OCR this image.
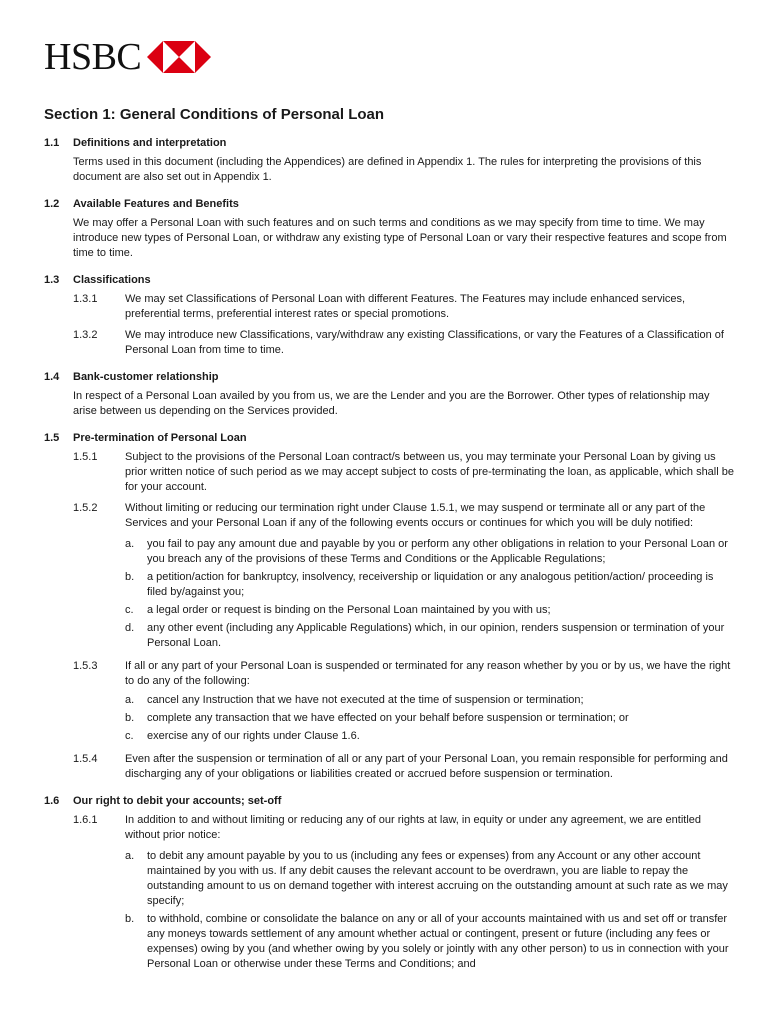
HSBC
Section 1: General Conditions of Personal Loan
1.1	Definitions and interpretation

Terms used in this document (including the Appendices) are defined in Appendix 1. The rules for interpreting the provisions of this document are also set out in Appendix 1.

1.2	Available Features and Benefits

We may offer a Personal Loan with such features and on such terms and conditions as we may specify from time to time. We may introduce new types of Personal Loan, or withdraw any existing type of Personal Loan or vary their respective features and scope from time to time.

1.3	Classifications
1.3.1	We may set Classifications of Personal Loan with different Features. The Features may include enhanced services, preferential terms, preferential interest rates or special promotions.
1.3.2	We may introduce new Classifications, vary/withdraw any existing Classifications, or vary the Features of a Classification of Personal Loan from time to time.
1.4	Bank-customer relationship

In respect of a Personal Loan availed by you from us, we are the Lender and you are the Borrower. Other types of relationship may arise between us depending on the Services provided.

1.5	Pre-termination of Personal Loan
1.5.1	Subject to the provisions of the Personal Loan contract/s between us, you may terminate your Personal Loan by giving us prior written notice of such period as we may accept subject to costs of pre-terminating the loan, as applicable, which shall be for your account.
1.5.2	Without limiting or reducing our termination right under Clause 1.5.1, we may suspend or terminate all or any part of the Services and your Personal Loan if any of the following events occurs or continues for which you will be duly notified:
a.	you fail to pay any amount due and payable by you or perform any other obligations in relation to your Personal Loan or you breach any of the provisions of these Terms and Conditions or the Applicable Regulations;
b.	a petition/action for bankruptcy, insolvency, receivership or liquidation or any analogous petition/action/ proceeding is filed by/against you;
c.	a legal order or request is binding on the Personal Loan maintained by you with us;
d.	any other event (including any Applicable Regulations) which, in our opinion, renders suspension or termination of your Personal Loan.
1.5.3	If all or any part of your Personal Loan is suspended or terminated for any reason whether by you or by us, we have the right to do any of the following:
a.	cancel any Instruction that we have not executed at the time of suspension or termination;
b.	complete any transaction that we have effected on your behalf before suspension or termination; or
c.	exercise any of our rights under Clause 1.6.
1.5.4	Even after the suspension or termination of all or any part of your Personal Loan, you remain responsible for performing and discharging any of your obligations or liabilities created or accrued before suspension or termination.
1.6	Our right to debit your accounts; set-off
1.6.1	In addition to and without limiting or reducing any of our rights at law, in equity or under any agreement, we are entitled without prior notice:
a.	to debit any amount payable by you to us (including any fees or expenses) from any Account or any other account maintained by you with us. If any debit causes the relevant account to be overdrawn, you are liable to repay the outstanding amount to us on demand together with interest accruing on the outstanding amount at such rate as we may specify;
b.	to withhold, combine or consolidate the balance on any or all of your accounts maintained with us and set off or transfer any moneys towards settlement of any amount whether actual or contingent, present or future (including any fees or expenses) owing by you (and whether owing by you solely or jointly with any other person) to us in connection with your Personal Loan or otherwise under these Terms and Conditions; and
